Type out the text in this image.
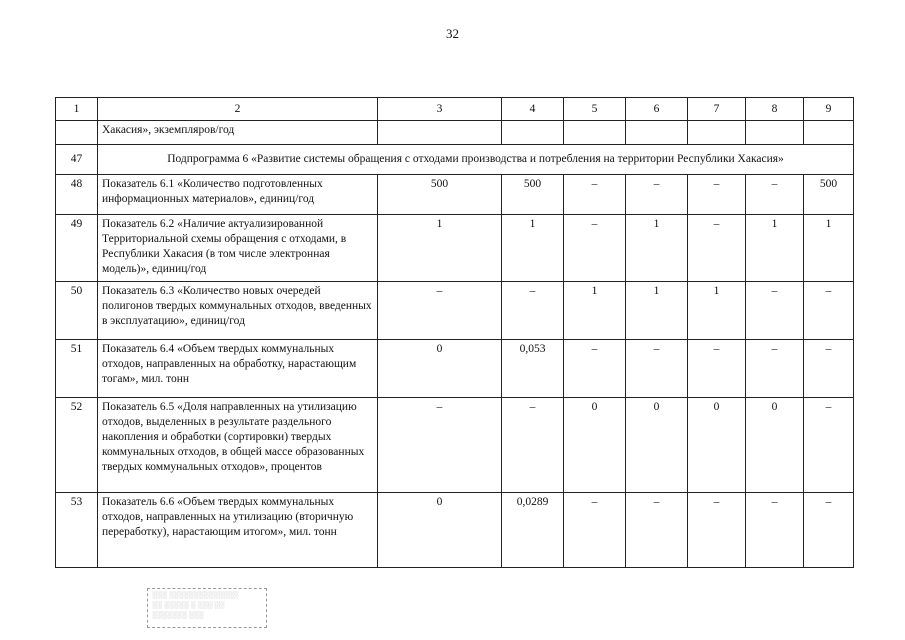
32
1	2	3	4	5	6	7	8	9
	Хакасия», экземпляров/год							
47	Подпрограмма 6 «Развитие системы обращения с отходами производства и потребления на территории Республики Хакасия»							
48	Показатель 6.1 «Количество подготовленных информационных материалов», единиц/год	500	500	–	–	–	–	500
49	Показатель 6.2 «Наличие актуализированной Территориальной схемы обращения с отходами, в Республики Хакасия (в том числе электронная модель)», единиц/год	1	1	–	1	–	1	1
50	Показатель 6.3 «Количество новых очередей полигонов твердых коммунальных отходов, введенных в эксплуатацию», единиц/год	–	–	1	1	1	–	–
51	Показатель 6.4 «Объем твердых коммунальных отходов, направленных на обработку, нарастающим тогам», мил. тонн	0	0,053	–	–	–	–	–
52	Показатель 6.5 «Доля направленных на утилизацию отходов, выделенных в результате раздельного накопления и обработки (сортировки) твердых коммунальных отходов, в общей массе образованных твердых коммунальных отходов», процентов	–	–	0	0	0	0	–
53	Показатель 6.6 «Объем твердых коммунальных отходов, направленных на утилизацию (вторичную переработку), нарастающим итогом», мил. тонн	0	0,0289	–	–	–	–	–
░░░ ░░░░░░░░░░░░░░
░░ ░░░░░ ░ ░░░ ░░
░░░░░░░ ░░░
